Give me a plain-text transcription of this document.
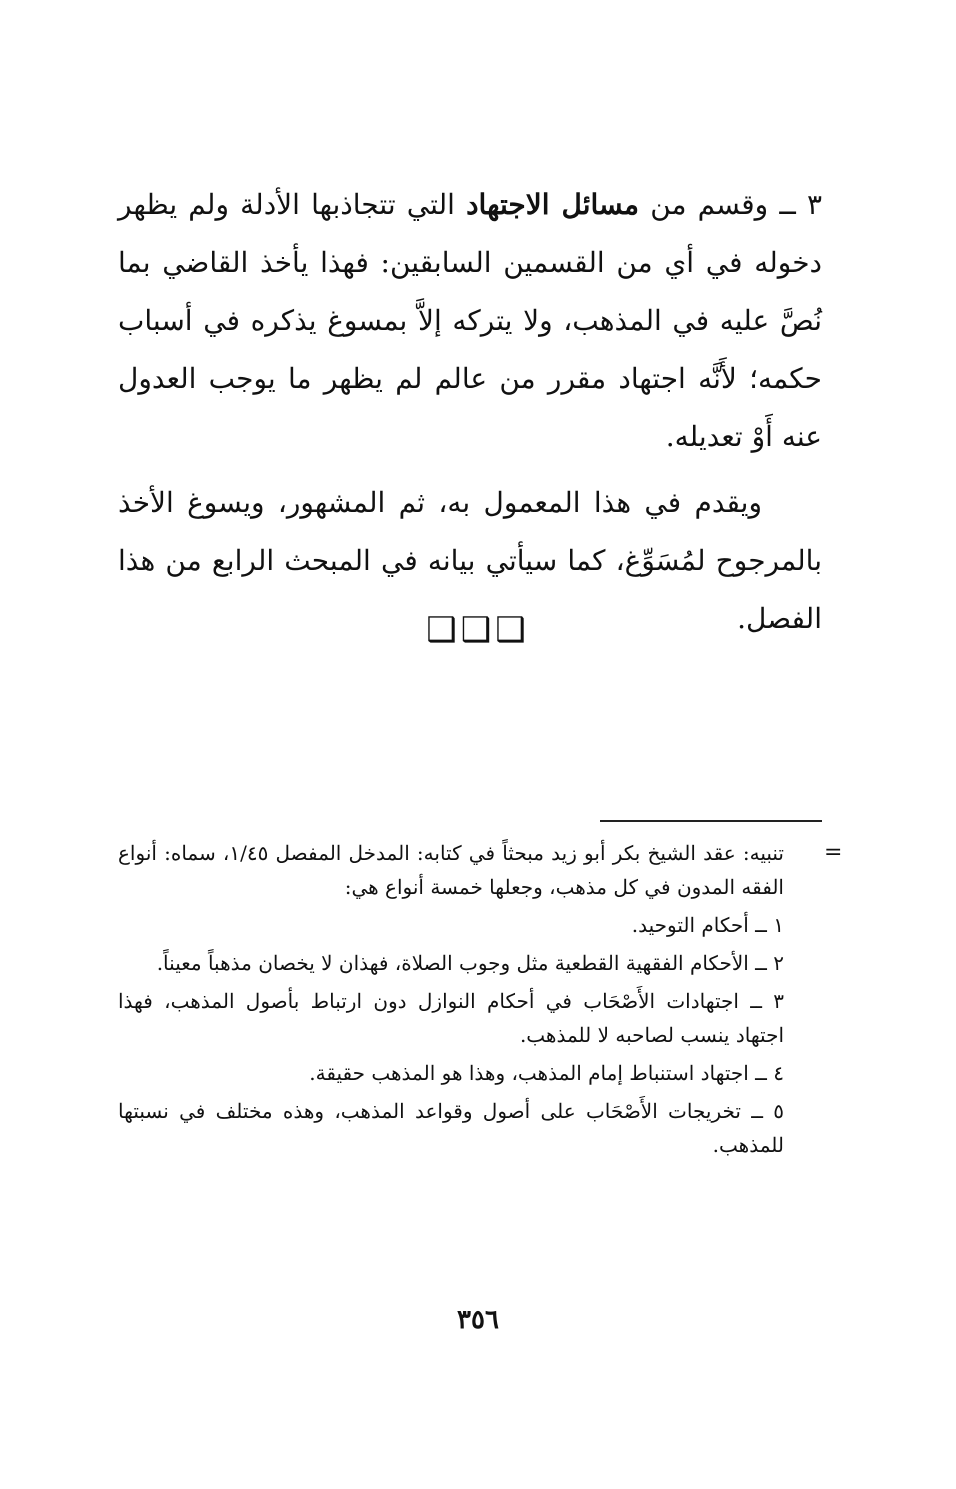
٣ ــ وقسم من مسائل الاجتهاد التي تتجاذبها الأدلة ولم يظهر دخوله في أي من القسمين السابقين: فهذا يأخذ القاضي بما نُصَّ عليه في المذهب، ولا يتركه إلاَّ بمسوغ يذكره في أسباب حكمه؛ لأَنَّه اجتهاد مقرر من عالم لم يظهر ما يوجب العدول عنه أَوْ تعديله.

ويقدم في هذا المعمول به، ثم المشهور، ويسوغ الأخذ بالمرجوح لمُسَوِّغ، كما سيأتي بيانه في المبحث الرابع من هذا الفصل.

❑❑❑
=

تنبيه: عقد الشيخ بكر أبو زيد مبحثاً في كتابه: المدخل المفصل ١/٤٥، سماه: أنواع الفقه المدون في كل مذهب، وجعلها خمسة أنواع هي:

١ ــ أحكام التوحيد.

٢ ــ الأحكام الفقهية القطعية مثل وجوب الصلاة، فهذان لا يخصان مذهباً معيناً.

٣ ــ اجتهادات الأَصْحَاب في أحكام النوازل دون ارتباط بأصول المذهب، فهذا اجتهاد ينسب لصاحبه لا للمذهب.

٤ ــ اجتهاد استنباط إمام المذهب، وهذا هو المذهب حقيقة.

٥ ــ تخريجات الأَصْحَاب على أصول وقواعد المذهب، وهذه مختلف في نسبتها للمذهب.

٣٥٦
